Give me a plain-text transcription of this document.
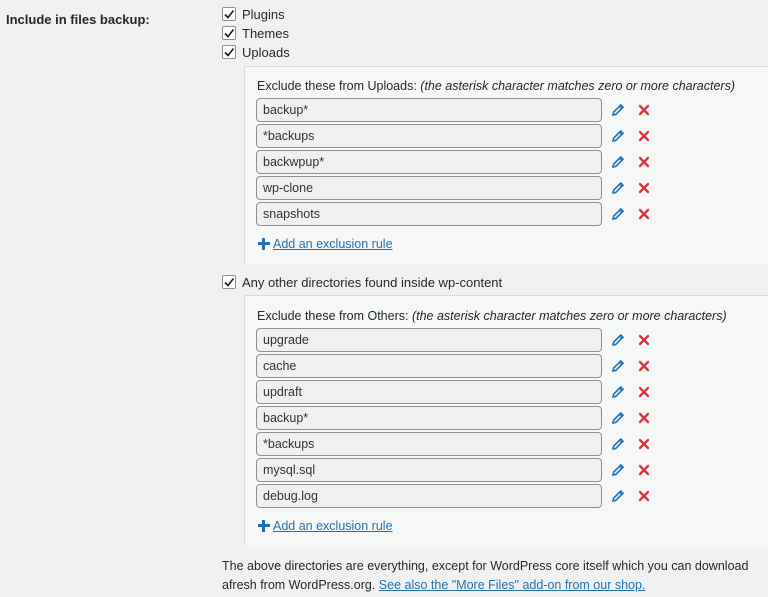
Include in files backup:	Plugins
Themes
Uploads
Exclude these from Uploads: (the asterisk character matches zero or more characters)
backup*
*backups
backwpup*
wp-clone
snapshots
Add an exclusion rule
Any other directories found inside wp-content
Exclude these from Others: (the asterisk character matches zero or more characters)
upgrade
cache
updraft
backup*
*backups
mysql.sql
debug.log
Add an exclusion rule
The above directories are everything, except for WordPress core itself which you can download afresh from WordPress.org. See also the "More Files" add-on from our shop.
